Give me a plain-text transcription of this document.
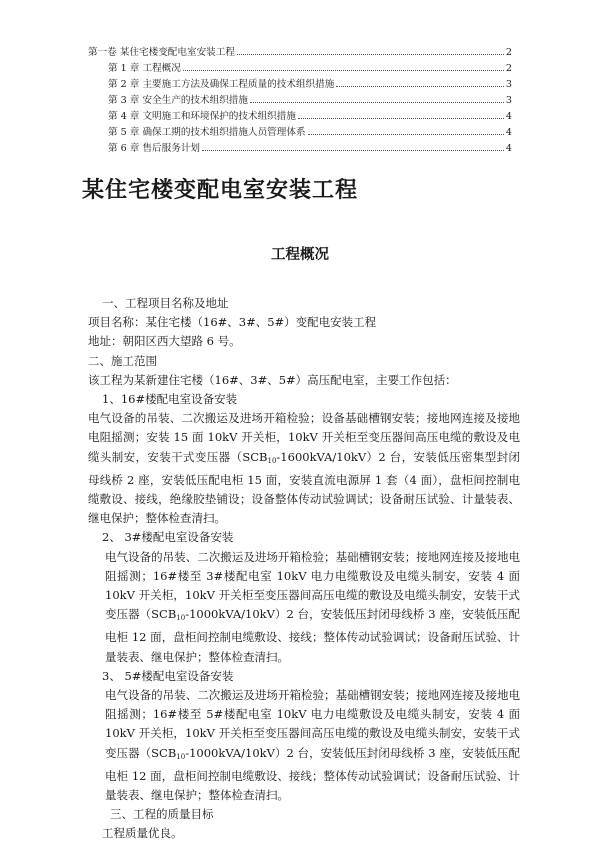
第一卷 某住宅楼变配电室安装工程	2
第 1 章 工程概况	2
第 2 章 主要施工方法及确保工程质量的技术组织措施	3
第 3 章 安全生产的技术组织措施	3
第 4 章 文明施工和环境保护的技术组织措施	4
第 5 章 确保工期的技术组织措施人员管理体系	4
第 6 章 售后服务计划	4
某住宅楼变配电室安装工程
工程概况

一、工程项目名称及地址

项目名称：某住宅楼（16#、3#、5#）变配电安装工程

地址：朝阳区西大望路 6 号。

二、施工范围

该工程为某新建住宅楼（16#、3#、5#）高压配电室，主要工作包括：

1、16#楼配电室设备安装

电气设备的吊装、二次搬运及进场开箱检验；设备基础槽钢安装；接地网连接及接地电阻摇测；安装 15 面 10kV 开关柜，10kV 开关柜至变压器间高压电缆的敷设及电缆头制安，安装干式变压器（SCB10-1600kVA/10kV）2 台，安装低压密集型封闭母线桥 2 座，安装低压配电柜 15 面，安装直流电源屏 1 套（4 面），盘柜间控制电缆敷设、接线，绝缘胶垫铺设；设备整体传动试验调试；设备耐压试验、计量装表、继电保护；整体检查清扫。

2、 3#楼配电室设备安装

电气设备的吊装、二次搬运及进场开箱检验；基础槽钢安装；接地网连接及接地电阻摇测；16#楼至 3#楼配电室 10kV 电力电缆敷设及电缆头制安，安装 4 面 10kV 开关柜，10kV 开关柜至变压器间高压电缆的敷设及电缆头制安，安装干式变压器（SCB10-1000kVA/10kV）2 台，安装低压封闭母线桥 3 座，安装低压配电柜 12 面，盘柜间控制电缆敷设、接线；整体传动试验调试；设备耐压试验、计量装表、继电保护；整体检查清扫。

3、 5#楼配电室设备安装

电气设备的吊装、二次搬运及进场开箱检验；基础槽钢安装；接地网连接及接地电阻摇测；16#楼至 5#楼配电室 10kV 电力电缆敷设及电缆头制安，安装 4 面 10kV 开关柜，10kV 开关柜至变压器间高压电缆的敷设及电缆头制安，安装干式变压器（SCB10-1000kVA/10kV）2 台，安装低压封闭母线桥 3 座，安装低压配电柜 12 面，盘柜间控制电缆敷设、接线；整体传动试验调试；设备耐压试验、计量装表、继电保护；整体检查清扫。

三、工程的质量目标

工程质量优良。
